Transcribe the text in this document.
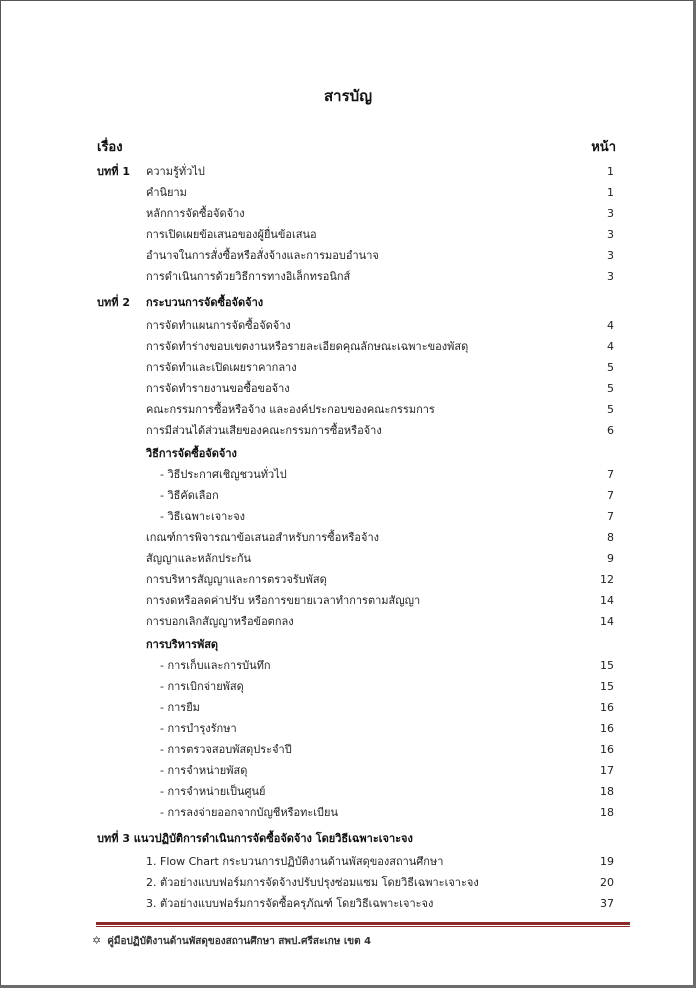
สารบัญ
เรื่อง	หน้า
บทที่ 1 ความรู้ทั่วไป	1
คำนิยาม	1
หลักการจัดซื้อจัดจ้าง	3
การเปิดเผยข้อเสนอของผู้ยื่นข้อเสนอ	3
อำนาจในการสั่งซื้อหรือสั่งจ้างและการมอบอำนาจ	3
การดำเนินการด้วยวิธีการทางอิเล็กทรอนิกส์	3
บทที่ 2 กระบวนการจัดซื้อจัดจ้าง
การจัดทำแผนการจัดซื้อจัดจ้าง	4
การจัดทำร่างขอบเขตงานหรือรายละเอียดคุณลักษณะเฉพาะของพัสดุ	4
การจัดทำและเปิดเผยราคากลาง	5
การจัดทำรายงานขอซื้อขอจ้าง	5
คณะกรรมการซื้อหรือจ้าง และองค์ประกอบของคณะกรรมการ	5
การมีส่วนได้ส่วนเสียของคณะกรรมการซื้อหรือจ้าง	6
วิธีการจัดซื้อจัดจ้าง
- วิธีประกาศเชิญชวนทั่วไป	7
- วิธีคัดเลือก	7
- วิธีเฉพาะเจาะจง	7
เกณฑ์การพิจารณาข้อเสนอสำหรับการซื้อหรือจ้าง	8
สัญญาและหลักประกัน	9
การบริหารสัญญาและการตรวจรับพัสดุ	12
การงดหรือลดค่าปรับ หรือการขยายเวลาทำการตามสัญญา	14
การบอกเลิกสัญญาหรือข้อตกลง	14
การบริหารพัสดุ
- การเก็บและการบันทึก	15
- การเบิกจ่ายพัสดุ	15
- การยืม	16
- การบำรุงรักษา	16
- การตรวจสอบพัสดุประจำปี	16
- การจำหน่ายพัสดุ	17
- การจำหน่ายเป็นศูนย์	18
- การลงจ่ายออกจากบัญชีหรือทะเบียน	18
บทที่ 3 แนวปฏิบัติการดำเนินการจัดซื้อจัดจ้าง โดยวิธีเฉพาะเจาะจง
1. Flow Chart กระบวนการปฏิบัติงานด้านพัสดุของสถานศึกษา	19
2. ตัวอย่างแบบฟอร์มการจัดจ้างปรับปรุงซ่อมแซม โดยวิธีเฉพาะเจาะจง	20
3. ตัวอย่างแบบฟอร์มการจัดซื้อครุภัณฑ์ โดยวิธีเฉพาะเจาะจง	37
✡ คู่มือปฏิบัติงานด้านพัสดุของสถานศึกษา สพป.ศรีสะเกษ เขต 4
